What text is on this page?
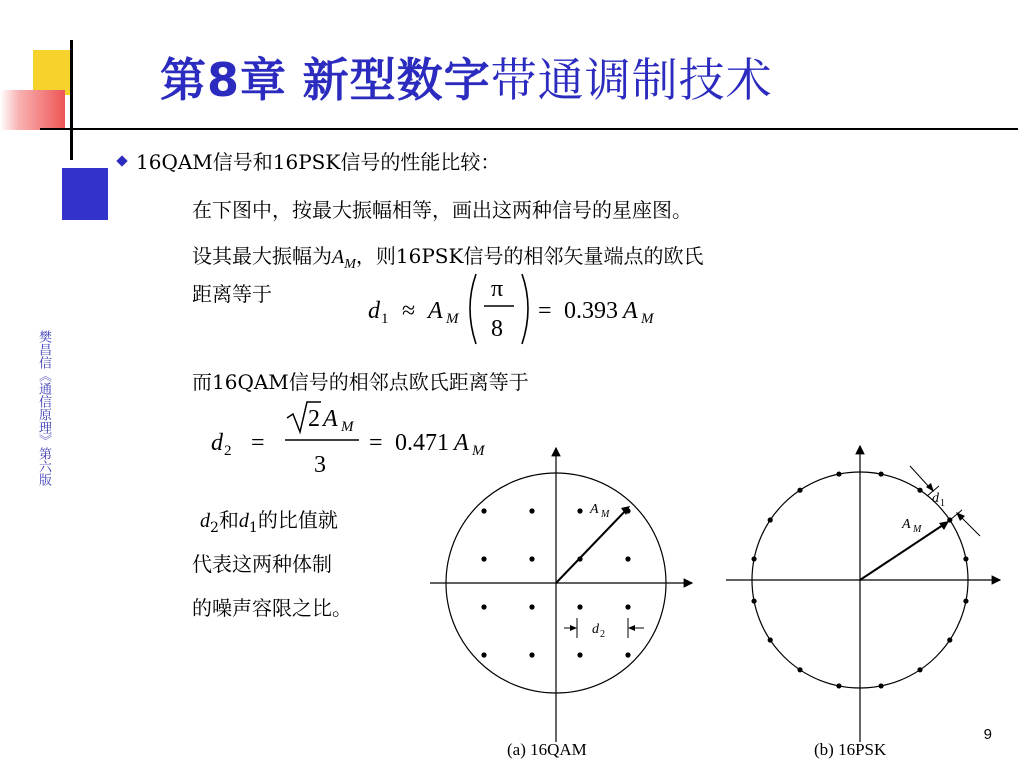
第8章 新型数字带通调制技术
樊昌信《通信原理》第六版
16QAM信号和16PSK信号的性能比较：
在下图中，按最大振幅相等，画出这两种信号的星座图。
设其最大振幅为$A_M$，则16PSK信号的相邻矢量端点的欧氏
距离等于
d 1 ≈ A M
π
8
= 0.393 A M
而16QAM信号的相邻点欧氏距离等于
d 2 =
2 A M
3
= 0.471 A M
$d_2$和$d_1$的比值就
代表这两种体制
的噪声容限之比。
A M
d 2
(a) 16QAM
A M
d 1
(b) 16PSK
9
